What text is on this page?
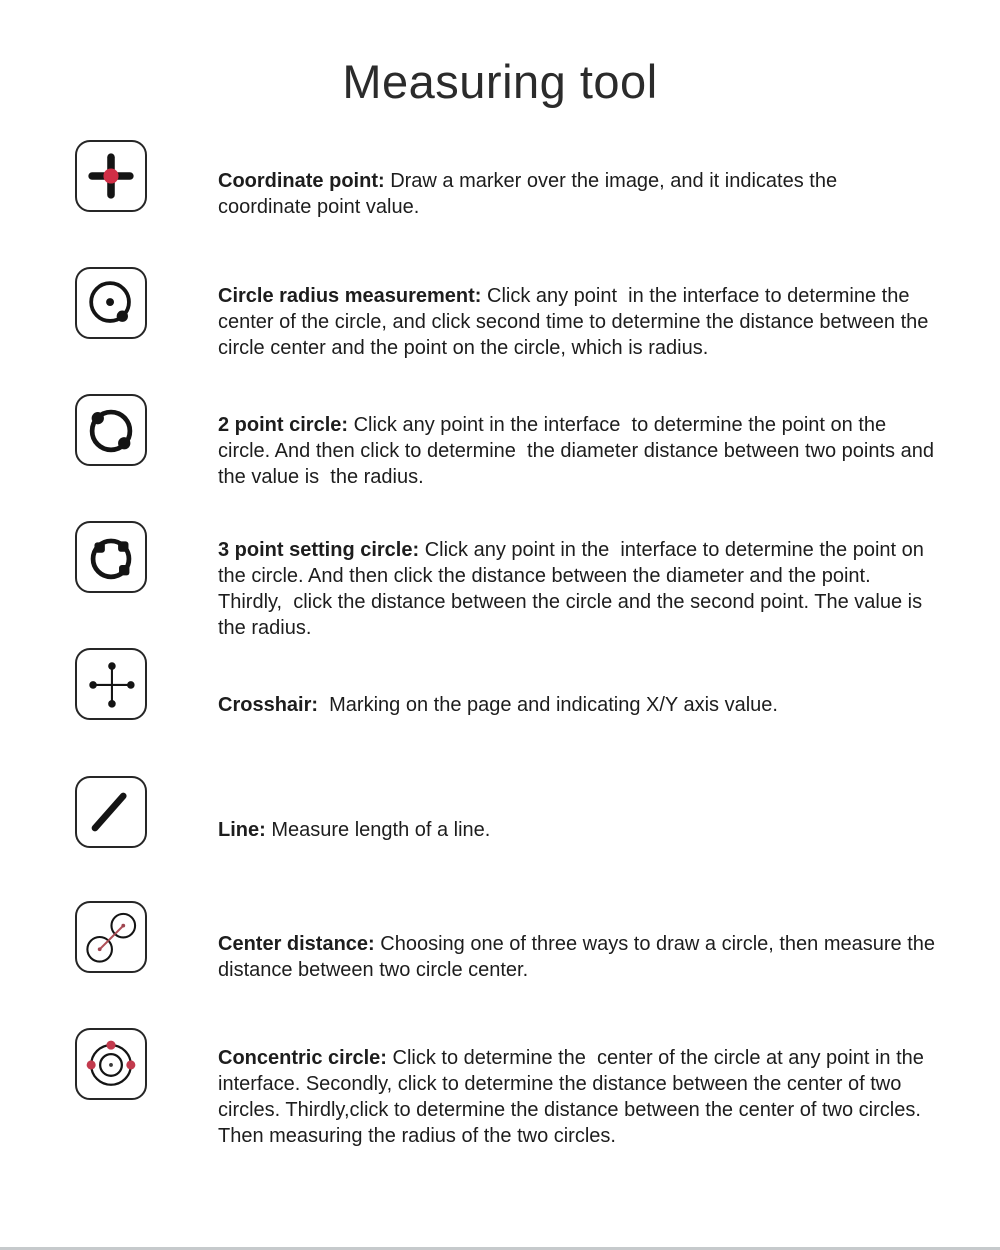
Measuring tool

Coordinate point: Draw a marker over the image, and it indicates the coordinate point value.

Circle radius measurement: Click any point  in the interface to determine the center of the circle, and click second time to determine the distance between the circle center and the point on the circle, which is radius.

2 point circle: Click any point in the interface  to determine the point on the circle. And then click to determine  the diameter distance between two points and the value is  the radius.

3 point setting circle: Click any point in the  interface to determine the point on the circle. And then click the distance between the diameter and the point. Thirdly,  click the distance between the circle and the second point. The value is the radius.

Crosshair:  Marking on the page and indicating X/Y axis value.

Line: Measure length of a line.

Center distance: Choosing one of three ways to draw a circle, then measure the distance between two circle center.

Concentric circle: Click to determine the  center of the circle at any point in the interface. Secondly, click to determine the distance between the center of two circles. Thirdly,click to determine the distance between the center of two circles. Then measuring the radius of the two circles.
